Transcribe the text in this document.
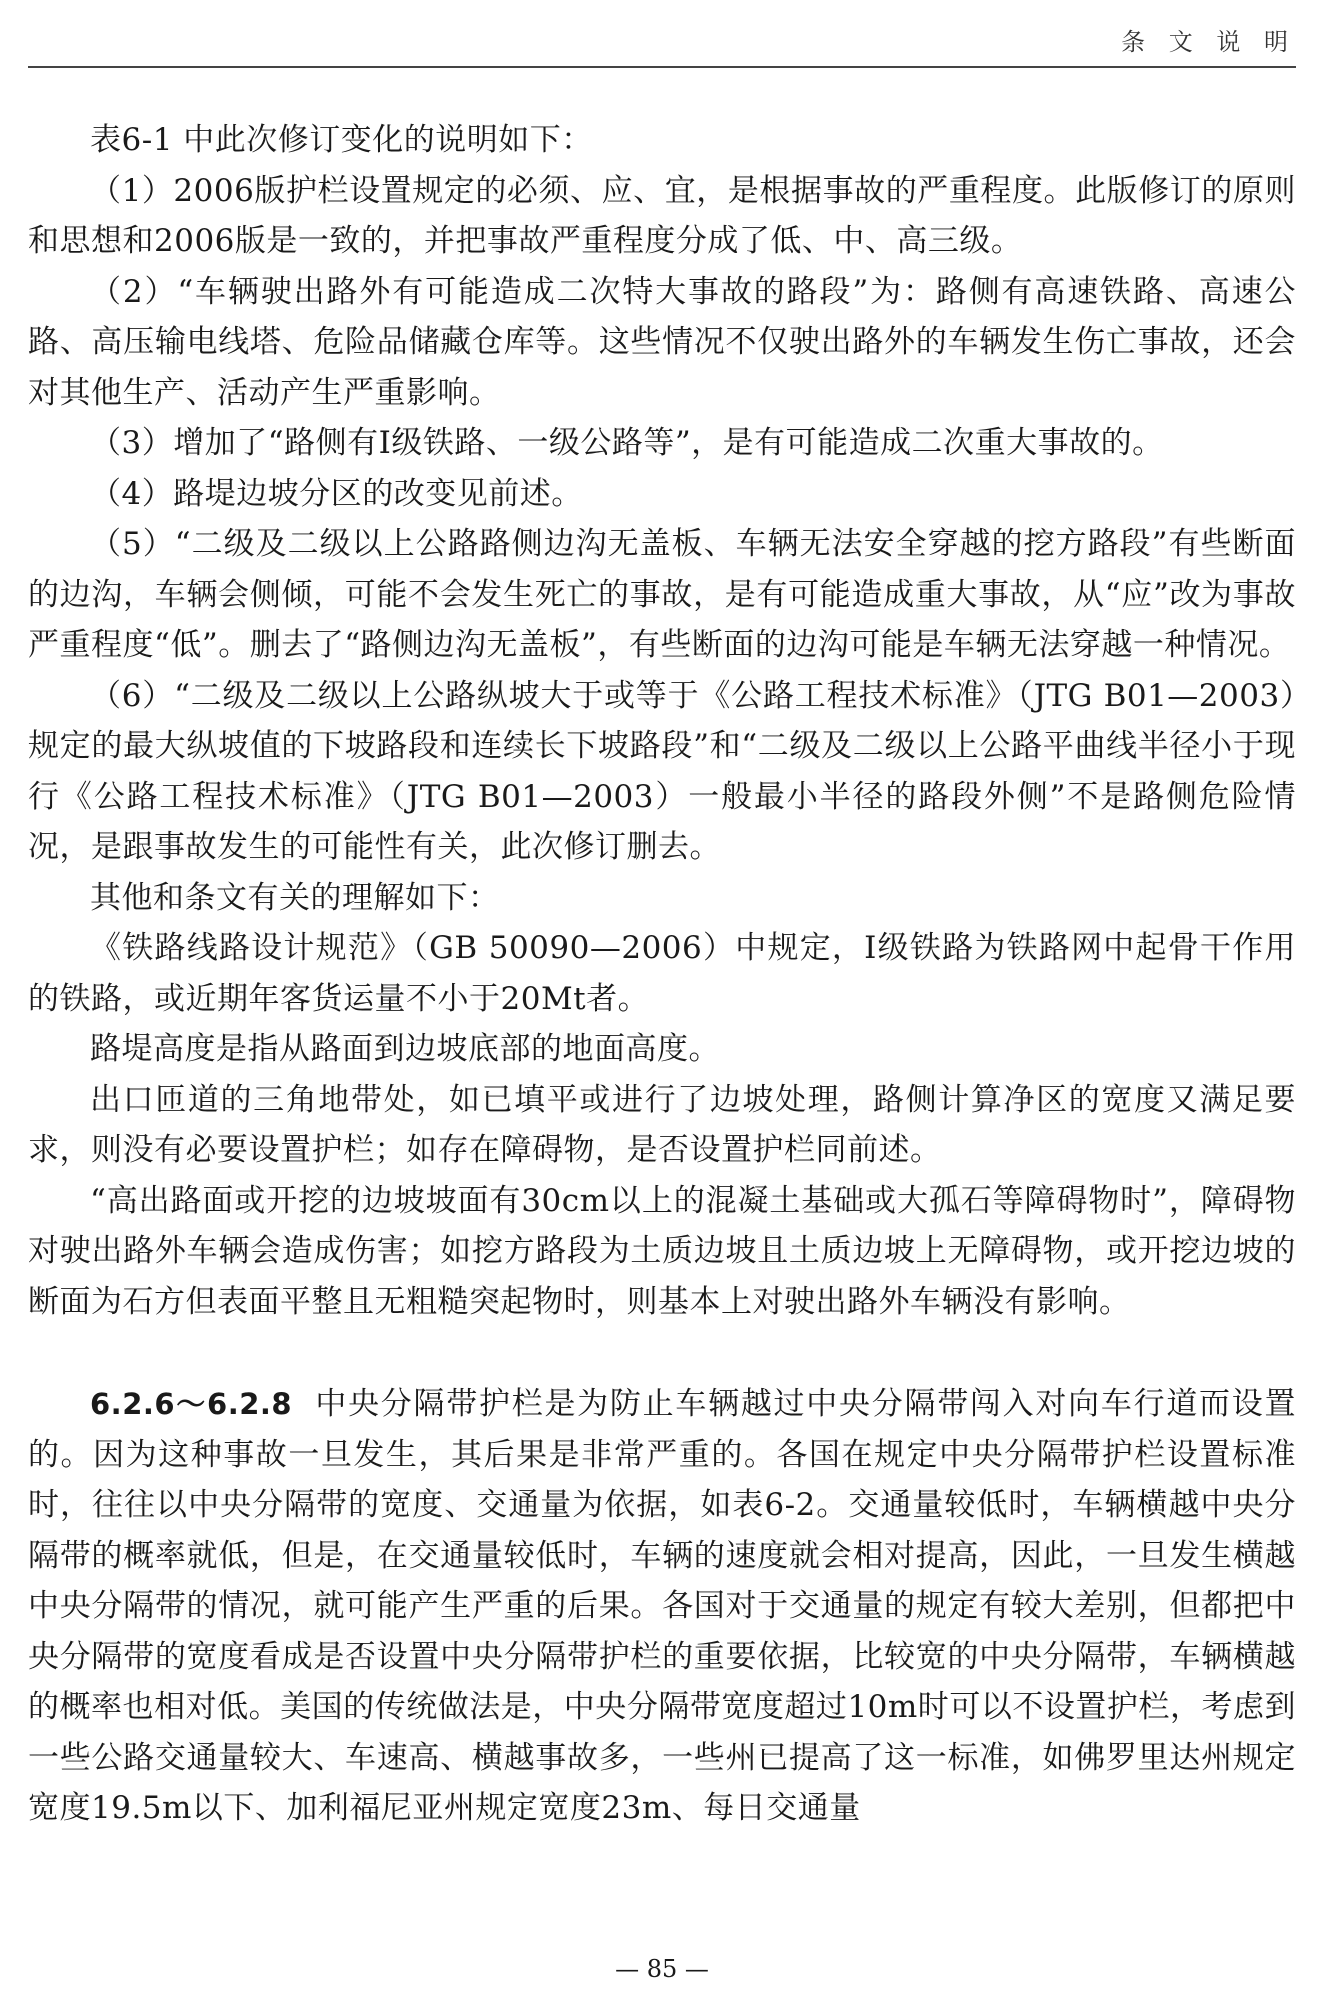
条 文 说 明

表6-1 中此次修订变化的说明如下：

（1）2006版护栏设置规定的必须、应、宜，是根据事故的严重程度。此版修订的原则和思想和2006版是一致的，并把事故严重程度分成了低、中、高三级。

（2）“车辆驶出路外有可能造成二次特大事故的路段”为：路侧有高速铁路、高速公路、高压输电线塔、危险品储藏仓库等。这些情况不仅驶出路外的车辆发生伤亡事故，还会对其他生产、活动产生严重影响。

（3）增加了“路侧有Ⅰ级铁路、一级公路等”，是有可能造成二次重大事故的。

（4）路堤边坡分区的改变见前述。

（5）“二级及二级以上公路路侧边沟无盖板、车辆无法安全穿越的挖方路段”有些断面的边沟，车辆会侧倾，可能不会发生死亡的事故，是有可能造成重大事故，从“应”改为事故严重程度“低”。删去了“路侧边沟无盖板”，有些断面的边沟可能是车辆无法穿越一种情况。

（6）“二级及二级以上公路纵坡大于或等于《公路工程技术标准》（JTG B01—2003）规定的最大纵坡值的下坡路段和连续长下坡路段”和“二级及二级以上公路平曲线半径小于现行《公路工程技术标准》（JTG B01—2003）一般最小半径的路段外侧”不是路侧危险情况，是跟事故发生的可能性有关，此次修订删去。

其他和条文有关的理解如下：

《铁路线路设计规范》（GB 50090—2006）中规定，Ⅰ级铁路为铁路网中起骨干作用的铁路，或近期年客货运量不小于20Mt者。

路堤高度是指从路面到边坡底部的地面高度。

出口匝道的三角地带处，如已填平或进行了边坡处理，路侧计算净区的宽度又满足要求，则没有必要设置护栏；如存在障碍物，是否设置护栏同前述。

“高出路面或开挖的边坡坡面有30cm以上的混凝土基础或大孤石等障碍物时”，障碍物对驶出路外车辆会造成伤害；如挖方路段为土质边坡且土质边坡上无障碍物，或开挖边坡的断面为石方但表面平整且无粗糙突起物时，则基本上对驶出路外车辆没有影响。

6.2.6～6.2.8 中央分隔带护栏是为防止车辆越过中央分隔带闯入对向车行道而设置的。因为这种事故一旦发生，其后果是非常严重的。各国在规定中央分隔带护栏设置标准时，往往以中央分隔带的宽度、交通量为依据，如表6-2。交通量较低时，车辆横越中央分隔带的概率就低，但是，在交通量较低时，车辆的速度就会相对提高，因此，一旦发生横越中央分隔带的情况，就可能产生严重的后果。各国对于交通量的规定有较大差别，但都把中央分隔带的宽度看成是否设置中央分隔带护栏的重要依据，比较宽的中央分隔带，车辆横越的概率也相对低。美国的传统做法是，中央分隔带宽度超过10m时可以不设置护栏，考虑到一些公路交通量较大、车速高、横越事故多，一些州已提高了这一标准，如佛罗里达州规定宽度19.5m以下、加利福尼亚州规定宽度23m、每日交通量

— 85 —
